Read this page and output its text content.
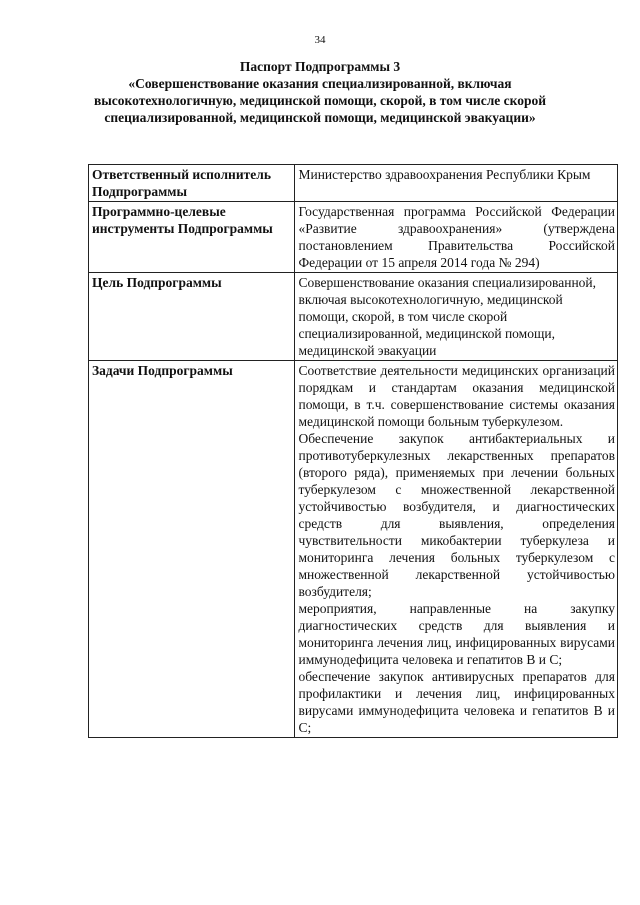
34
Паспорт Подпрограммы 3
«Совершенствование оказания специализированной, включая высокотехнологичную, медицинской помощи, скорой, в том числе скорой специализированной, медицинской помощи, медицинской эвакуации»
Ответственный исполнитель Подпрограммы	Министерство здравоохранения Республики Крым
Программно-целевые инструменты Подпрограммы	Государственная программа Российской Федерации «Развитие здравоохранения» (утверждена постановлением Правительства Российской Федерации от 15 апреля 2014 года № 294)
Цель Подпрограммы	Совершенствование оказания специализированной, включая высокотехнологичную, медицинской помощи, скорой, в том числе скорой специализированной, медицинской помощи, медицинской эвакуации
Задачи Подпрограммы	Соответствие деятельности медицинских организаций порядкам и стандартам оказания медицинской помощи, в т.ч. совершенствование системы оказания медицинской помощи больным туберкулезом.

Обеспечение закупок антибактериальных и противотуберкулезных лекарственных препаратов (второго ряда), применяемых при лечении больных туберкулезом с множественной лекарственной устойчивостью возбудителя, и диагностических средств для выявления, определения чувствительности микобактерии туберкулеза и мониторинга лечения больных туберкулезом с множественной лекарственной устойчивостью возбудителя;

мероприятия, направленные на закупку диагностических средств для выявления и мониторинга лечения лиц, инфицированных вирусами иммунодефицита человека и гепатитов В и С;

обеспечение закупок антивирусных препаратов для профилактики и лечения лиц, инфицированных вирусами иммунодефицита человека и гепатитов В и С;
